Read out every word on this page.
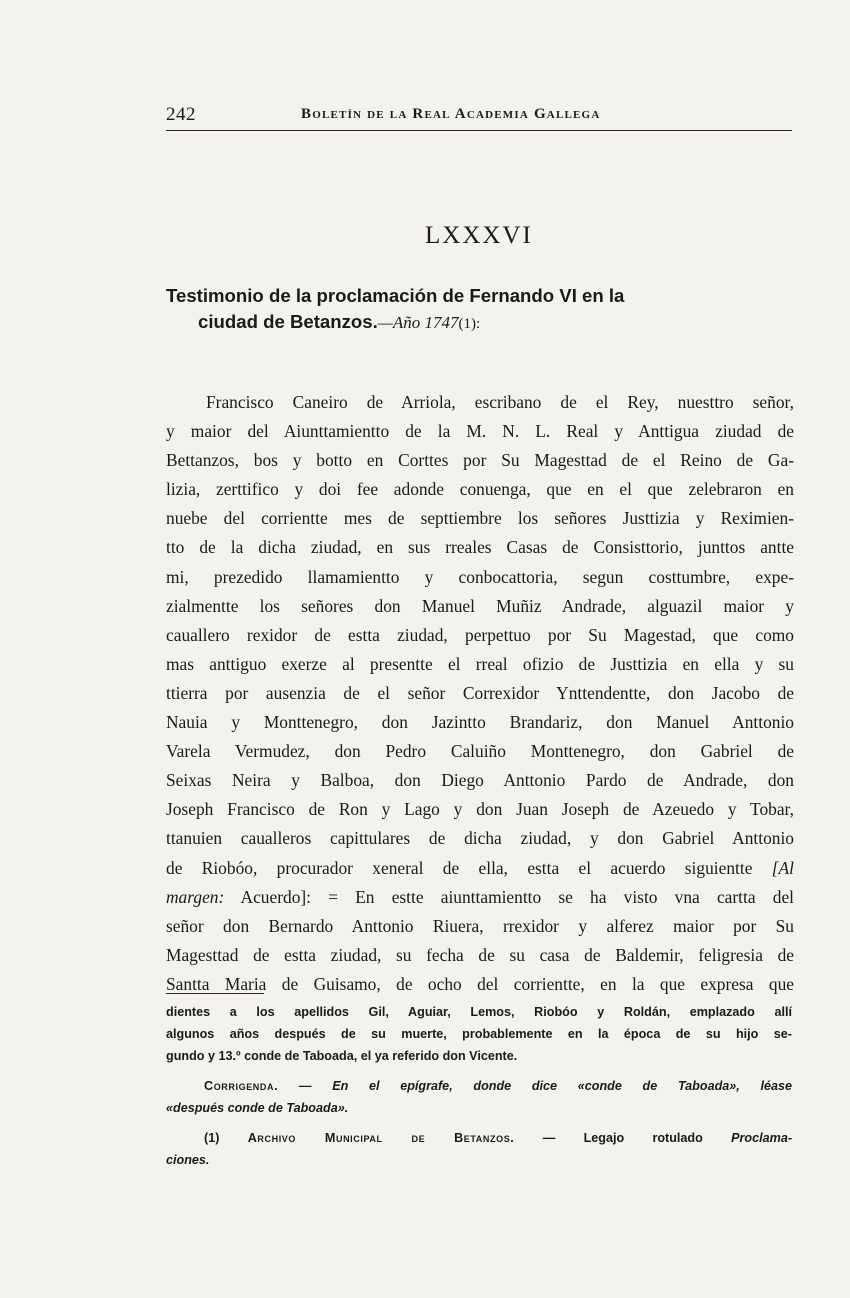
242	Boletín de la Real Academia Gallega
LXXXVI
Testimonio de la proclamación de Fernando VI en la
ciudad de Betanzos.—Año 1747(1):
Francisco Caneiro de Arriola, escribano de el Rey, nuesttro señor,
y maior del Aiunttamientto de la M. N. L. Real y Anttigua ziudad de
Bettanzos, bos y botto en Corttes por Su Magesttad de el Reino de Ga-
lizia, zerttifico y doi fee adonde conuenga, que en el que zelebraron en
nuebe del corrientte mes de septtiembre los señores Justtizia y Reximien-
tto de la dicha ziudad, en sus rreales Casas de Consisttorio, junttos antte
mi, prezedido llamamientto y conbocattoria, segun costtumbre, expe-
zialmentte los señores don Manuel Muñiz Andrade, alguazil maior y
cauallero rexidor de estta ziudad, perpettuo por Su Magestad, que como
mas anttiguo exerze al presentte el rreal ofizio de Justtizia en ella y su
ttierra por ausenzia de el señor Correxidor Ynttendentte, don Jacobo de
Nauia y Monttenegro, don Jazintto Brandariz, don Manuel Anttonio
Varela Vermudez, don Pedro Caluiño Monttenegro, don Gabriel de
Seixas Neira y Balboa, don Diego Anttonio Pardo de Andrade, don
Joseph Francisco de Ron y Lago y don Juan Joseph de Azeuedo y Tobar,
ttanuien caualleros capittulares de dicha ziudad, y don Gabriel Anttonio
de Riobóo, procurador xeneral de ella, estta el acuerdo siguientte [Al
margen: Acuerdo]: = En estte aiunttamientto se ha visto vna cartta del
señor don Bernardo Anttonio Riuera, rrexidor y alferez maior por Su
Magesttad de estta ziudad, su fecha de su casa de Baldemir, feligresia de
Santta Maria de Guisamo, de ocho del corrientte, en la que expresa que
dientes a los apellidos Gil, Aguiar, Lemos, Riobóo y Roldán, emplazado allí
algunos años después de su muerte, probablemente en la época de su hijo se-
gundo y 13.º conde de Taboada, el ya referido don Vicente.
Corrigenda. — En el epígrafe, donde dice «conde de Taboada», léase
«después conde de Taboada».
(1) Archivo Municipal de Betanzos. — Legajo rotulado Proclama-
ciones.
